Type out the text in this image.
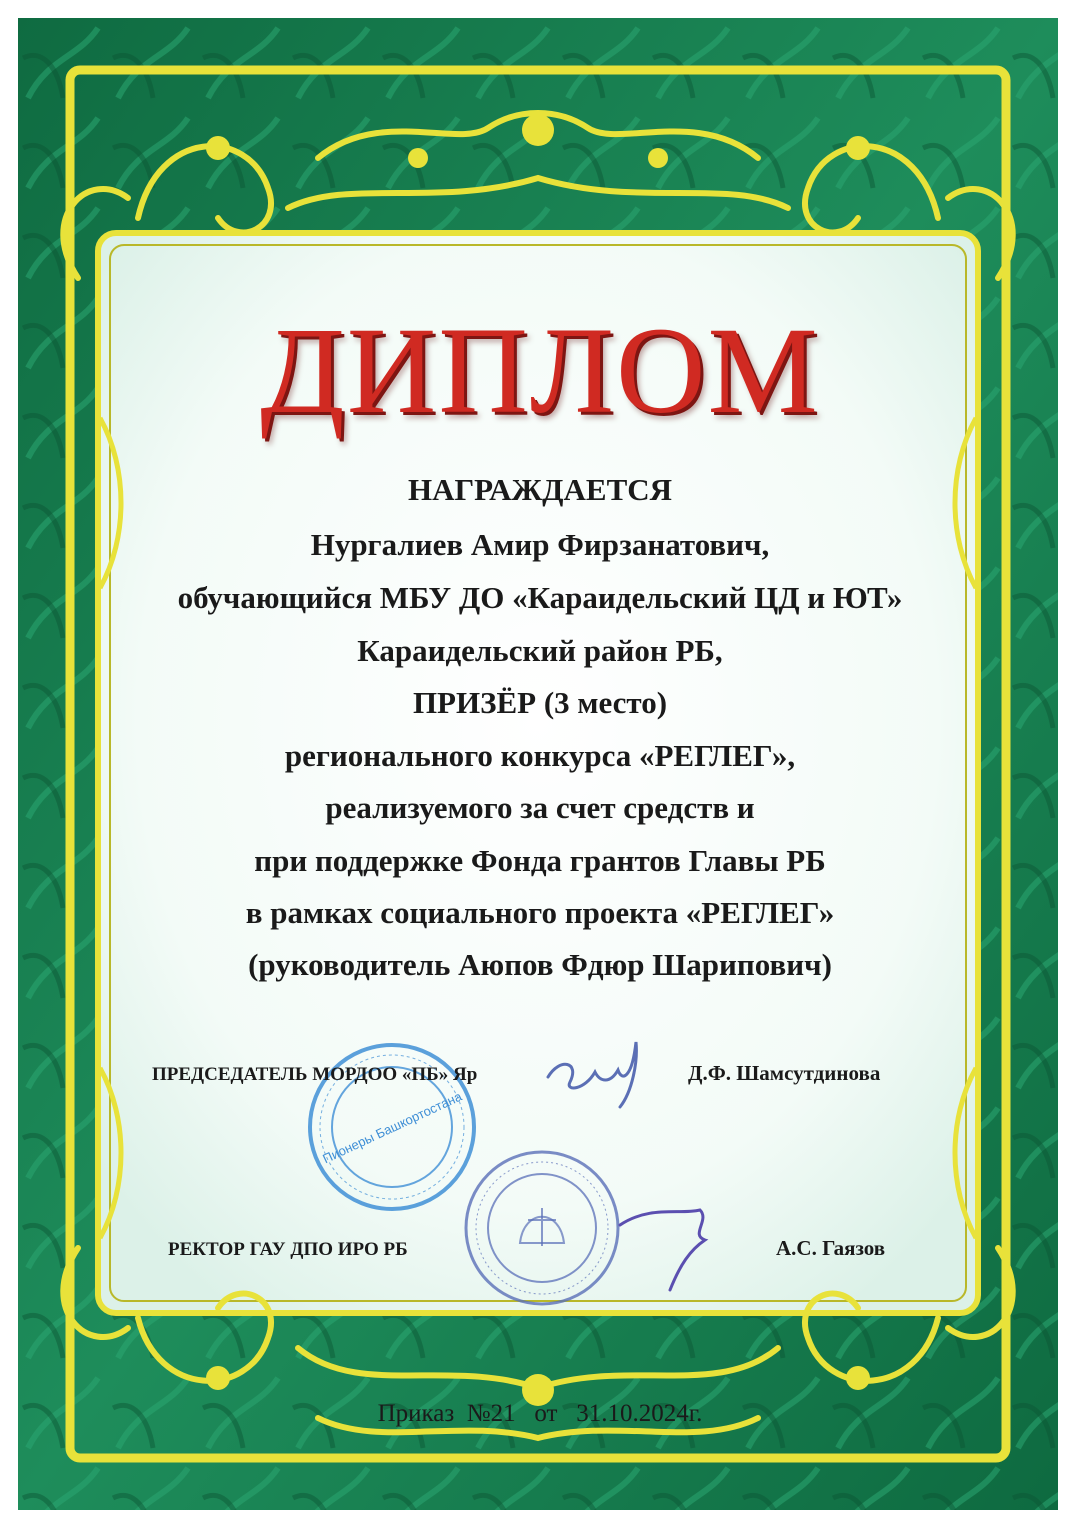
ДИПЛОМ
НАГРАЖДАЕТСЯ
Нургалиев Амир Фирзанатович,
обучающийся МБУ ДО «Караидельский ЦД и ЮТ»
Караидельский район РБ,
ПРИЗЁР (3 место)
регионального конкурса «РЕГЛЕГ»,
реализуемого за счет средств и
при поддержке Фонда грантов Главы РБ
в рамках социального проекта «РЕГЛЕГ»
(руководитель Аюпов Фдюр Шарипович)
Пионеры Башкортостана
ПРЕДСЕДАТЕЛЬ МОРДОО «ПБ» Яр	Д.Ф. Шамсутдинова
РЕКТОР ГАУ ДПО ИРО РБ	А.С. Гаязов
Приказ  №21   от   31.10.2024г.
